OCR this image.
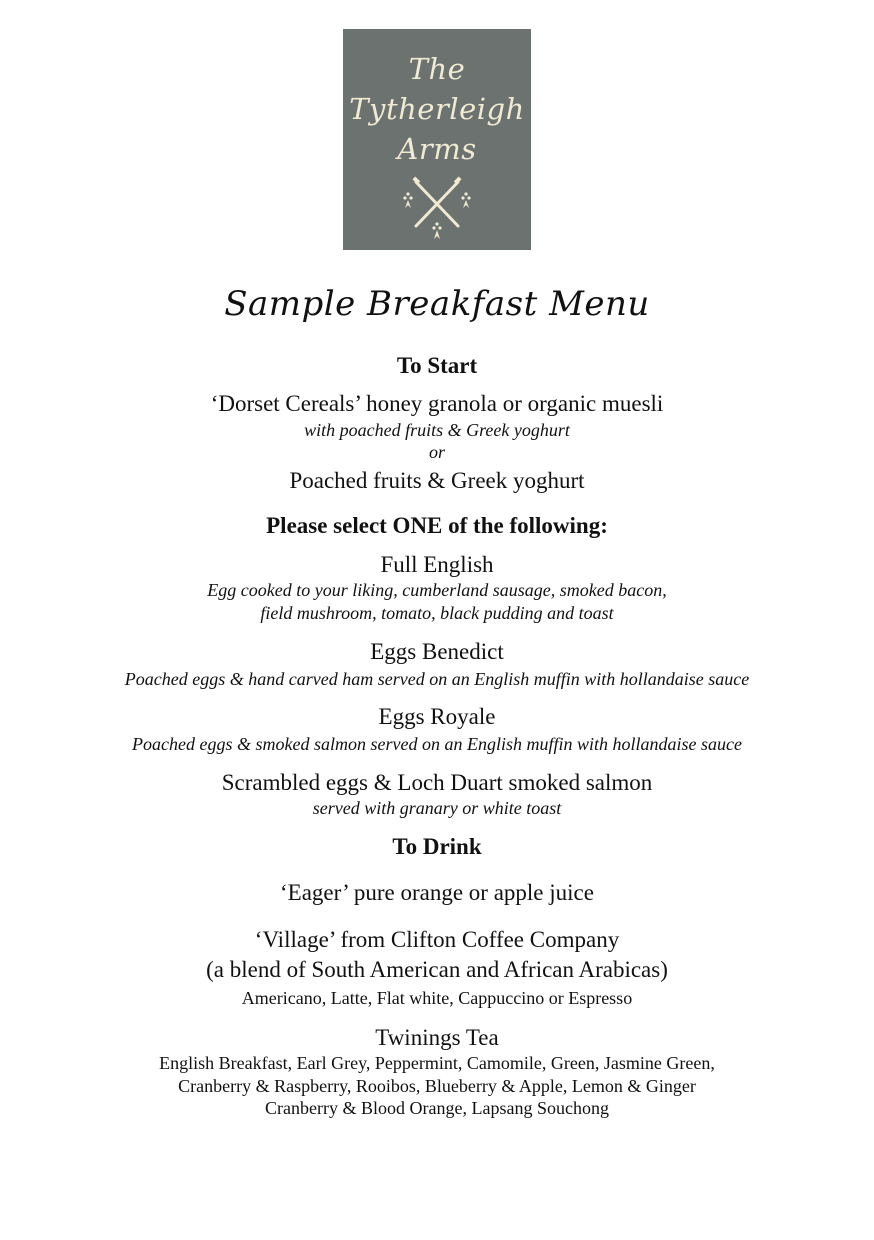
The
Tytherleigh
Arms
Sample Breakfast Menu
To Start
‘Dorset Cereals’ honey granola or organic muesli
with poached fruits & Greek yoghurt
or
Poached fruits & Greek yoghurt
Please select ONE of the following:
Full English
Egg cooked to your liking, cumberland sausage, smoked bacon,
field mushroom, tomato, black pudding and toast
Eggs Benedict
Poached eggs & hand carved ham served on an English muffin with hollandaise sauce
Eggs Royale
Poached eggs & smoked salmon served on an English muffin with hollandaise sauce
Scrambled eggs & Loch Duart smoked salmon
served with granary or white toast
To Drink
‘Eager’ pure orange or apple juice
‘Village’ from Clifton Coffee Company
(a blend of South American and African Arabicas)
Americano, Latte, Flat white, Cappuccino or Espresso
Twinings Tea
English Breakfast, Earl Grey, Peppermint, Camomile, Green, Jasmine Green,
Cranberry & Raspberry, Rooibos, Blueberry & Apple, Lemon & Ginger
Cranberry & Blood Orange, Lapsang Souchong
